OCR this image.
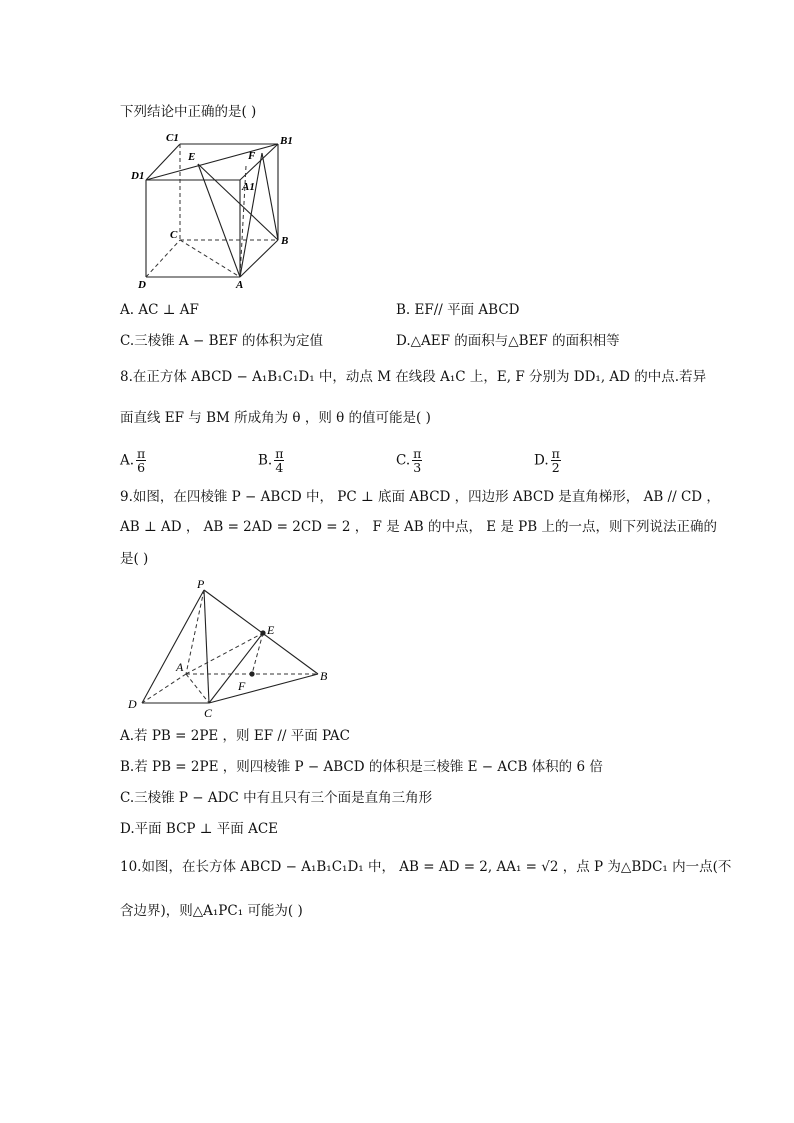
下列结论中正确的是( )
C1	B1
E	F
D1
A1
C	B
D	A
A. AC ⊥ AF	B. EF// 平面 ABCD
C.三棱锥 A − BEF 的体积为定值	D.△AEF 的面积与△BEF 的面积相等
8.在正方体 ABCD − A₁B₁C₁D₁ 中，动点 M 在线段 A₁C 上，E, F 分别为 DD₁, AD 的中点.若异
面直线 EF 与 BM 所成角为 θ ，则 θ 的值可能是( )
A. $\frac{\pi}{6}$	B. $\frac{\pi}{4}$	C. $\frac{\pi}{3}$	D. $\frac{\pi}{2}$
9.如图，在四棱锥 P − ABCD 中， PC ⊥ 底面 ABCD ，四边形 ABCD 是直角梯形， AB // CD ，
AB ⊥ AD ， AB = 2AD = 2CD = 2 ， F 是 AB 的中点， E 是 PB 上的一点，则下列说法正确的
是( )
P
E
A
B
F
D
C
A.若 PB = 2PE ，则 EF // 平面 PAC
B.若 PB = 2PE ，则四棱锥 P − ABCD 的体积是三棱锥 E − ACB 体积的 6 倍
C.三棱锥 P − ADC 中有且只有三个面是直角三角形
D.平面 BCP ⊥ 平面 ACE
10.如图，在长方体 ABCD − A₁B₁C₁D₁ 中， AB = AD = 2, AA₁ = √2 ，点 P 为△BDC₁ 内一点(不
含边界)，则△A₁PC₁ 可能为( )
